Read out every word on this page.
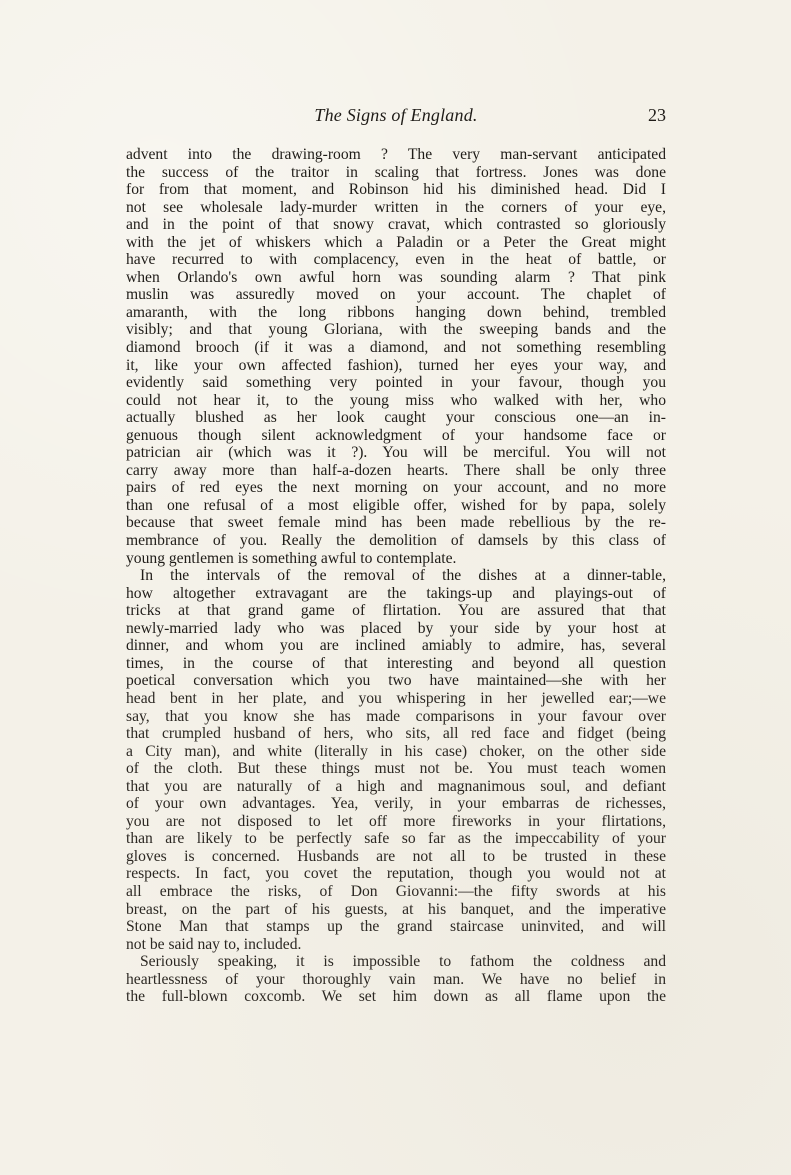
The Signs of England.	23
advent into the drawing-room ? The very man-servant anticipated
the success of the traitor in scaling that fortress. Jones was done
for from that moment, and Robinson hid his diminished head. Did I
not see wholesale lady-murder written in the corners of your eye,
and in the point of that snowy cravat, which contrasted so gloriously
with the jet of whiskers which a Paladin or a Peter the Great might
have recurred to with complacency, even in the heat of battle, or
when Orlando's own awful horn was sounding alarm ? That pink
muslin was assuredly moved on your account. The chaplet of
amaranth, with the long ribbons hanging down behind, trembled
visibly; and that young Gloriana, with the sweeping bands and the
diamond brooch (if it was a diamond, and not something resembling
it, like your own affected fashion), turned her eyes your way, and
evidently said something very pointed in your favour, though you
could not hear it, to the young miss who walked with her, who
actually blushed as her look caught your conscious one—an in-
genuous though silent acknowledgment of your handsome face or
patrician air (which was it ?). You will be merciful. You will not
carry away more than half-a-dozen hearts. There shall be only three
pairs of red eyes the next morning on your account, and no more
than one refusal of a most eligible offer, wished for by papa, solely
because that sweet female mind has been made rebellious by the re-
membrance of you. Really the demolition of damsels by this class of
young gentlemen is something awful to contemplate.
In the intervals of the removal of the dishes at a dinner-table,
how altogether extravagant are the takings-up and playings-out of
tricks at that grand game of flirtation. You are assured that that
newly-married lady who was placed by your side by your host at
dinner, and whom you are inclined amiably to admire, has, several
times, in the course of that interesting and beyond all question
poetical conversation which you two have maintained—she with her
head bent in her plate, and you whispering in her jewelled ear;—we
say, that you know she has made comparisons in your favour over
that crumpled husband of hers, who sits, all red face and fidget (being
a City man), and white (literally in his case) choker, on the other side
of the cloth. But these things must not be. You must teach women
that you are naturally of a high and magnanimous soul, and defiant
of your own advantages. Yea, verily, in your embarras de richesses,
you are not disposed to let off more fireworks in your flirtations,
than are likely to be perfectly safe so far as the impeccability of your
gloves is concerned. Husbands are not all to be trusted in these
respects. In fact, you covet the reputation, though you would not at
all embrace the risks, of Don Giovanni:—the fifty swords at his
breast, on the part of his guests, at his banquet, and the imperative
Stone Man that stamps up the grand staircase uninvited, and will
not be said nay to, included.
Seriously speaking, it is impossible to fathom the coldness and
heartlessness of your thoroughly vain man. We have no belief in
the full-blown coxcomb. We set him down as all flame upon the
